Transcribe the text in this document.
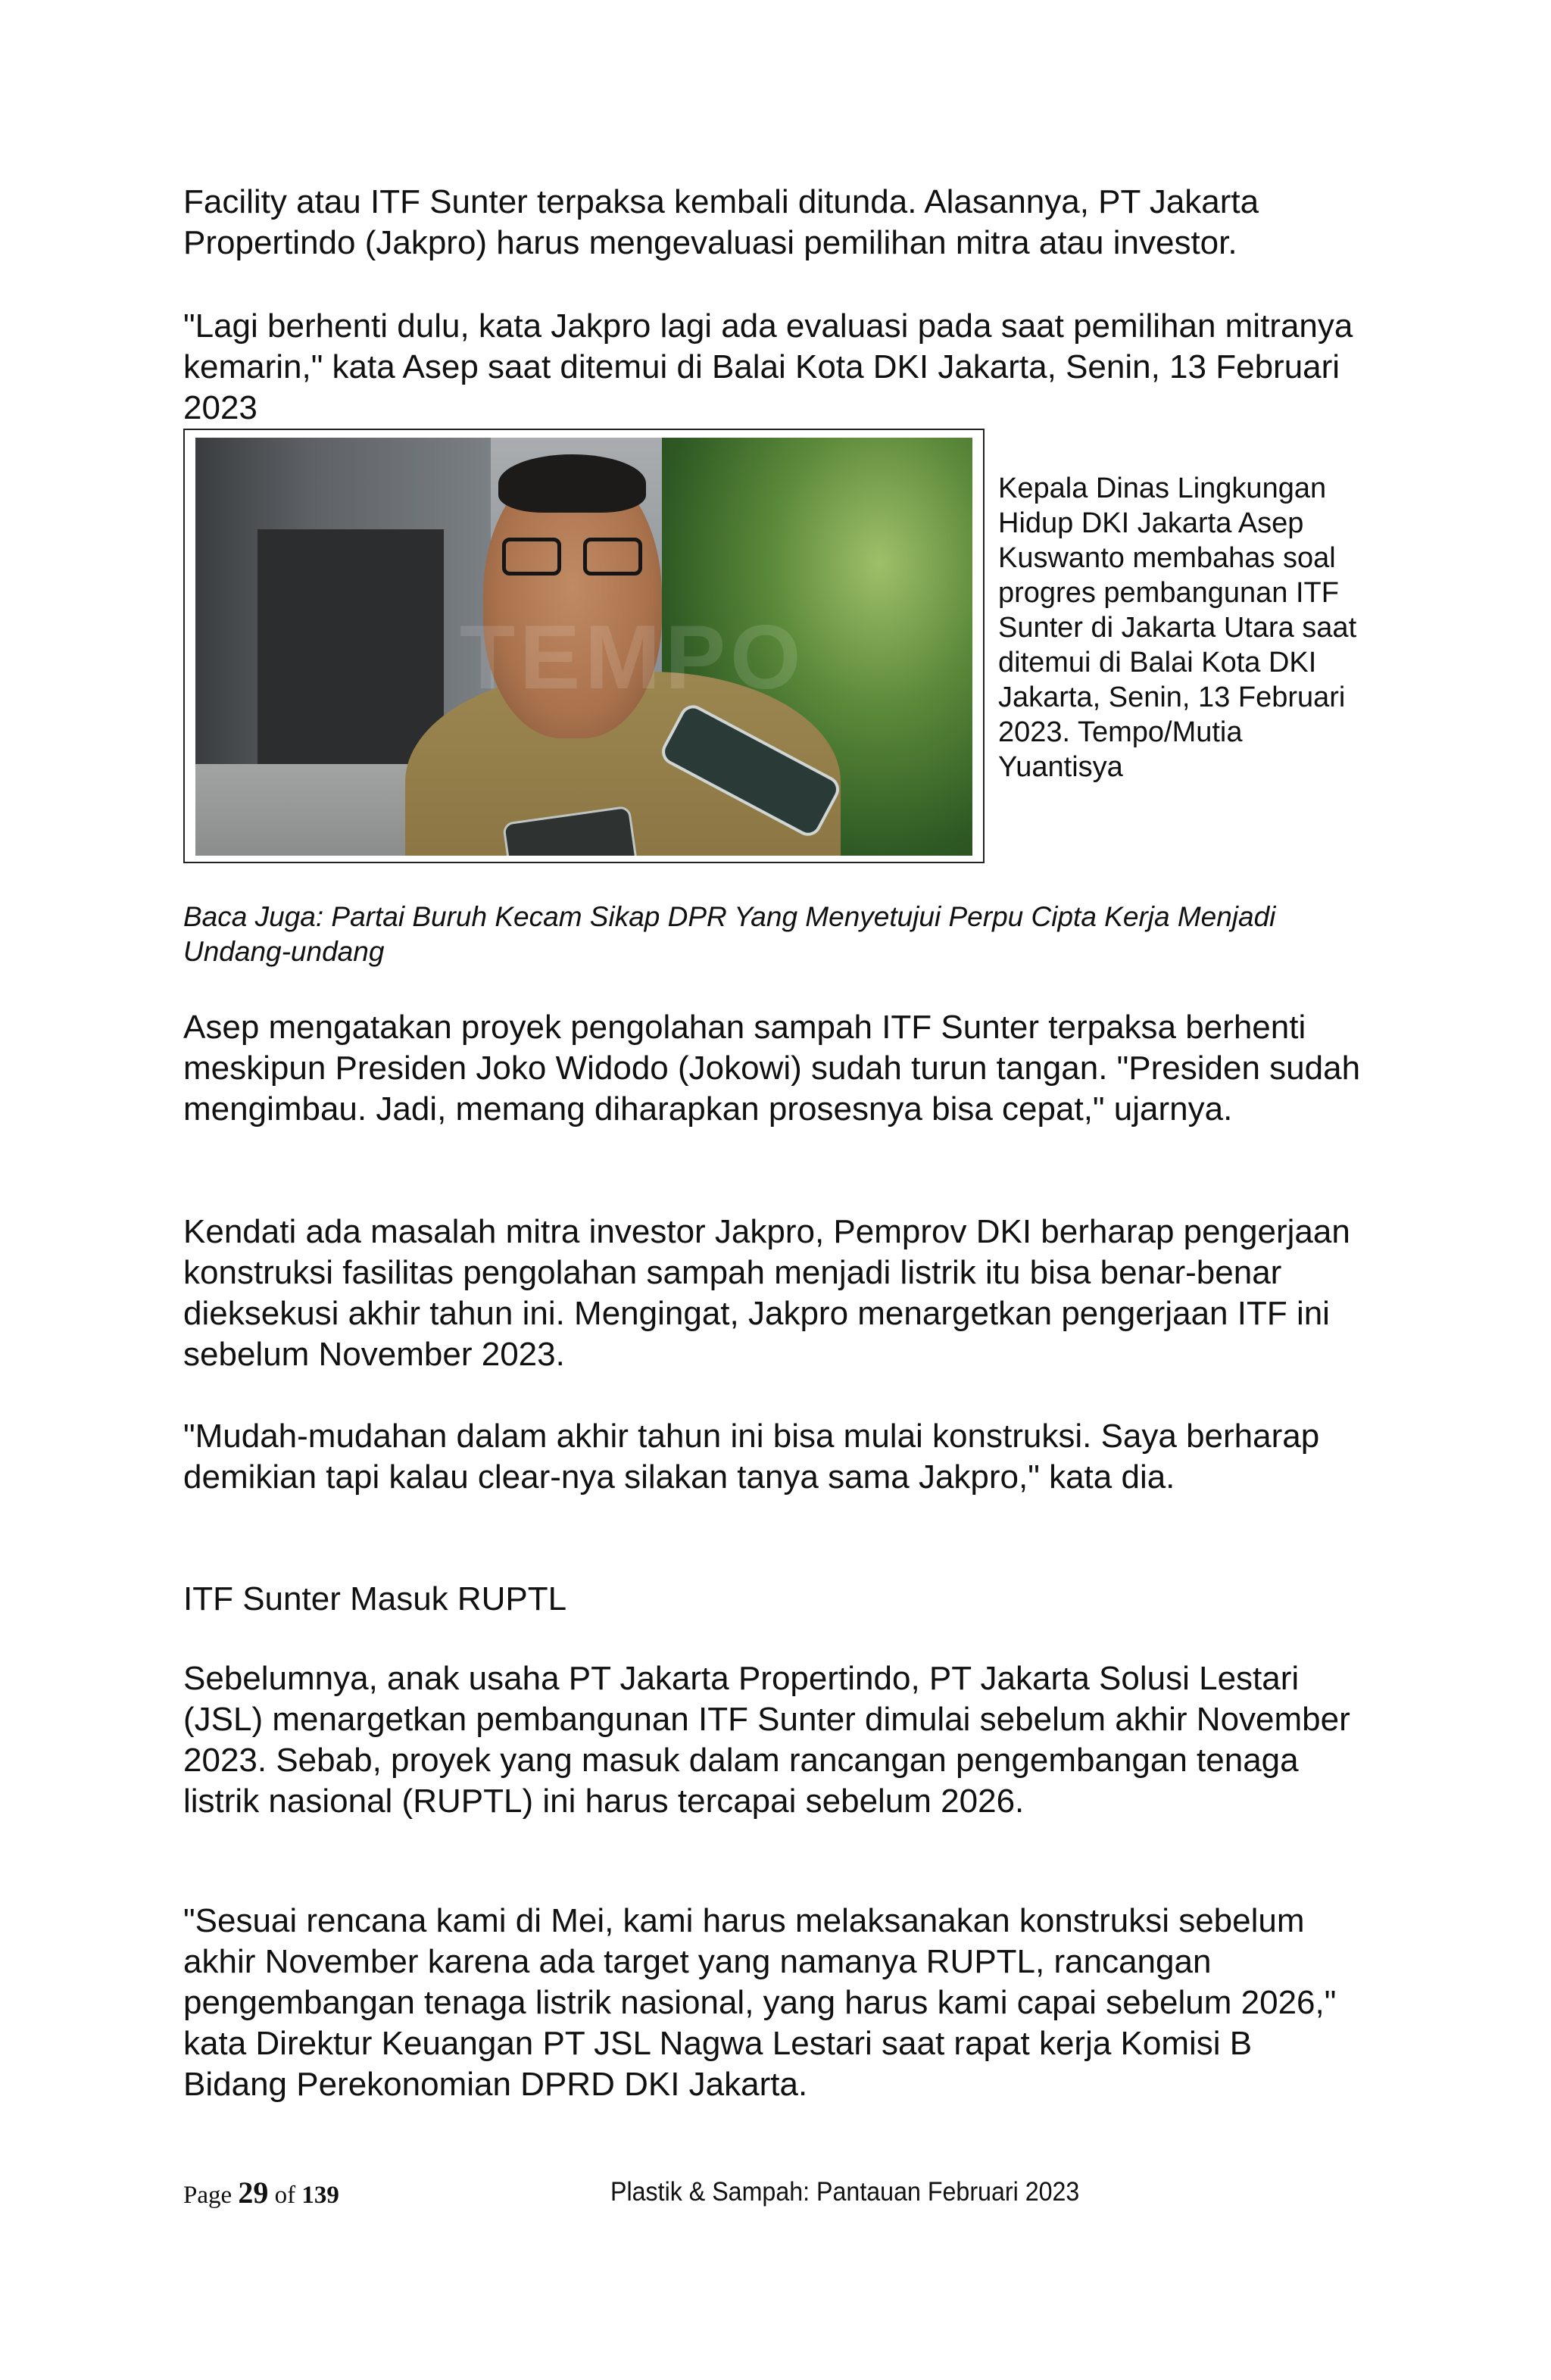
Facility atau ITF Sunter terpaksa kembali ditunda. Alasannya, PT Jakarta Propertindo (Jakpro) harus mengevaluasi pemilihan mitra atau investor.

"Lagi berhenti dulu, kata Jakpro lagi ada evaluasi pada saat pemilihan mitranya kemarin," kata Asep saat ditemui di Balai Kota DKI Jakarta, Senin, 13 Februari 2023

TEMPO

Kepala Dinas Lingkungan Hidup DKI Jakarta Asep Kuswanto membahas soal progres pembangunan ITF Sunter di Jakarta Utara saat ditemui di Balai Kota DKI Jakarta, Senin, 13 Februari 2023. Tempo/Mutia Yuantisya

Baca Juga: Partai Buruh Kecam Sikap DPR Yang Menyetujui Perpu Cipta Kerja Menjadi Undang-undang

Asep mengatakan proyek pengolahan sampah ITF Sunter terpaksa berhenti meskipun Presiden Joko Widodo (Jokowi) sudah turun tangan. "Presiden sudah mengimbau. Jadi, memang diharapkan prosesnya bisa cepat," ujarnya.

Kendati ada masalah mitra investor Jakpro, Pemprov DKI berharap pengerjaan konstruksi fasilitas pengolahan sampah menjadi listrik itu bisa benar-benar dieksekusi akhir tahun ini. Mengingat, Jakpro menargetkan pengerjaan ITF ini sebelum November 2023.

"Mudah-mudahan dalam akhir tahun ini bisa mulai konstruksi. Saya berharap demikian tapi kalau clear-nya silakan tanya sama Jakpro," kata dia.

ITF Sunter Masuk RUPTL

Sebelumnya, anak usaha PT Jakarta Propertindo, PT Jakarta Solusi Lestari (JSL) menargetkan pembangunan ITF Sunter dimulai sebelum akhir November 2023. Sebab, proyek yang masuk dalam rancangan pengembangan tenaga listrik nasional (RUPTL) ini harus tercapai sebelum 2026.

"Sesuai rencana kami di Mei, kami harus melaksanakan konstruksi sebelum akhir November karena ada target yang namanya RUPTL, rancangan pengembangan tenaga listrik nasional, yang harus kami capai sebelum 2026," kata Direktur Keuangan PT JSL Nagwa Lestari saat rapat kerja Komisi B Bidang Perekonomian DPRD DKI Jakarta.

Page 29 of 139	Plastik & Sampah: Pantauan Februari 2023
